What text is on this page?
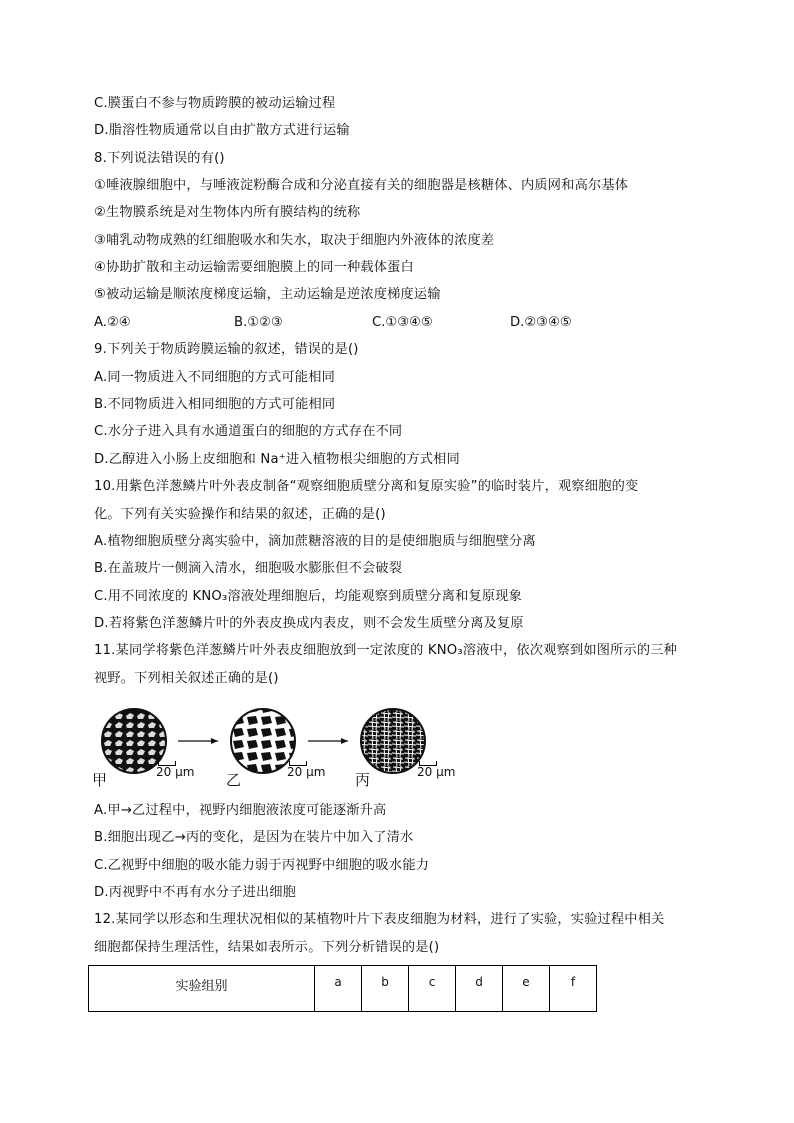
C.膜蛋白不参与物质跨膜的被动运输过程
D.脂溶性物质通常以自由扩散方式进行运输
8.下列说法错误的有()
①唾液腺细胞中，与唾液淀粉酶合成和分泌直接有关的细胞器是核糖体、内质网和高尔基体
②生物膜系统是对生物体内所有膜结构的统称
③哺乳动物成熟的红细胞吸水和失水，取决于细胞内外液体的浓度差
④协助扩散和主动运输需要细胞膜上的同一种载体蛋白
⑤被动运输是顺浓度梯度运输，主动运输是逆浓度梯度运输
A.②④	B.①②③	C.①③④⑤	D.②③④⑤
9.下列关于物质跨膜运输的叙述，错误的是()
A.同一物质进入不同细胞的方式可能相同
B.不同物质进入相同细胞的方式可能相同
C.水分子进入具有水通道蛋白的细胞的方式存在不同
D.乙醇进入小肠上皮细胞和 Na⁺进入植物根尖细胞的方式相同
10.用紫色洋葱鳞片叶外表皮制备“观察细胞质壁分离和复原实验”的临时装片，观察细胞的变
化。下列有关实验操作和结果的叙述，正确的是()
A.植物细胞质壁分离实验中，滴加蔗糖溶液的目的是使细胞质与细胞壁分离
B.在盖玻片一侧滴入清水，细胞吸水膨胀但不会破裂
C.用不同浓度的 KNO₃溶液处理细胞后，均能观察到质壁分离和复原现象
D.若将紫色洋葱鳞片叶的外表皮换成内表皮，则不会发生质壁分离及复原
11.某同学将紫色洋葱鳞片叶外表皮细胞放到一定浓度的 KNO₃溶液中，依次观察到如图所示的三种
视野。下列相关叙述正确的是()
甲	乙	丙
20 μm	20 μm	20 μm
A.甲→乙过程中，视野内细胞液浓度可能逐渐升高
B.细胞出现乙→丙的变化，是因为在装片中加入了清水
C.乙视野中细胞的吸水能力弱于丙视野中细胞的吸水能力
D.丙视野中不再有水分子进出细胞
12.某同学以形态和生理状况相似的某植物叶片下表皮细胞为材料，进行了实验，实验过程中相关
细胞都保持生理活性，结果如表所示。下列分析错误的是()
实验组别	a	b	c	d	e	f
